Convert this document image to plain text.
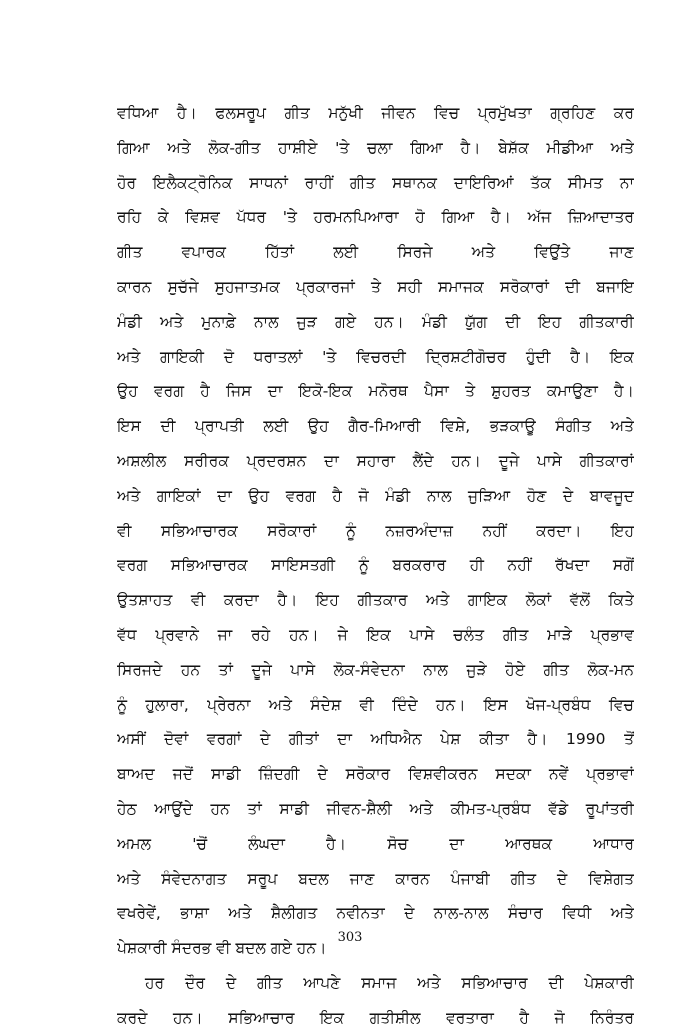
ਵਧਿਆ ਹੈ। ਫਲਸਰੂਪ ਗੀਤ ਮਨੁੱਖੀ ਜੀਵਨ ਵਿਚ ਪ੍ਰਮੁੱਖਤਾ ਗ੍ਰਹਿਣ ਕਰ
ਗਿਆ ਅਤੇ ਲੋਕ-ਗੀਤ ਹਾਸ਼ੀਏ 'ਤੇ ਚਲਾ ਗਿਆ ਹੈ। ਬੇਸ਼ੱਕ ਮੀਡੀਆ ਅਤੇ
ਹੋਰ ਇਲੈਕਟ੍ਰੋਨਿਕ ਸਾਧਨਾਂ ਰਾਹੀਂ ਗੀਤ ਸਥਾਨਕ ਦਾਇਰਿਆਂ ਤੱਕ ਸੀਮਤ ਨਾ
ਰਹਿ ਕੇ ਵਿਸ਼ਵ ਪੱਧਰ 'ਤੇ ਹਰਮਨਪਿਆਰਾ ਹੋ ਗਿਆ ਹੈ। ਅੱਜ ਜ਼ਿਆਦਾਤਰ
ਗੀਤ ਵਪਾਰਕ ਹਿੱਤਾਂ ਲਈ ਸਿਰਜੇ ਅਤੇ ਵਿਉਂਤੇ ਜਾਣ
ਕਾਰਨ ਸੁਚੱਜੇ ਸੁਹਜਾਤਮਕ ਪ੍ਰਕਾਰਜਾਂ ਤੇ ਸਹੀ ਸਮਾਜਕ ਸਰੋਕਾਰਾਂ ਦੀ ਬਜਾਇ
ਮੰਡੀ ਅਤੇ ਮੁਨਾਫ਼ੇ ਨਾਲ ਜੁੜ ਗਏ ਹਨ। ਮੰਡੀ ਯੁੱਗ ਦੀ ਇਹ ਗੀਤਕਾਰੀ
ਅਤੇ ਗਾਇਕੀ ਦੋ ਧਰਾਤਲਾਂ 'ਤੇ ਵਿਚਰਦੀ ਦ੍ਰਿਸ਼ਟੀਗੋਚਰ ਹੁੰਦੀ ਹੈ। ਇਕ
ਉਹ ਵਰਗ ਹੈ ਜਿਸ ਦਾ ਇਕੋ-ਇਕ ਮਨੋਰਥ ਪੈਸਾ ਤੇ ਸ਼ੁਹਰਤ ਕਮਾਉਣਾ ਹੈ।
ਇਸ ਦੀ ਪ੍ਰਾਪਤੀ ਲਈ ਉਹ ਗੈਰ-ਮਿਆਰੀ ਵਿਸ਼ੇ, ਭੜਕਾਊ ਸੰਗੀਤ ਅਤੇ
ਅਸ਼ਲੀਲ ਸਰੀਰਕ ਪ੍ਰਦਰਸ਼ਨ ਦਾ ਸਹਾਰਾ ਲੈਂਦੇ ਹਨ। ਦੂਜੇ ਪਾਸੇ ਗੀਤਕਾਰਾਂ
ਅਤੇ ਗਾਇਕਾਂ ਦਾ ਉਹ ਵਰਗ ਹੈ ਜੋ ਮੰਡੀ ਨਾਲ ਜੁੜਿਆ ਹੋਣ ਦੇ ਬਾਵਜੂਦ
ਵੀ ਸਭਿਆਚਾਰਕ ਸਰੋਕਾਰਾਂ ਨੂੰ ਨਜ਼ਰਅੰਦਾਜ਼ ਨਹੀਂ ਕਰਦਾ। ਇਹ
ਵਰਗ ਸਭਿਆਚਾਰਕ ਸਾਇਸਤਗੀ ਨੂੰ ਬਰਕਰਾਰ ਹੀ ਨਹੀਂ ਰੱਖਦਾ ਸਗੋਂ
ਉਤਸ਼ਾਹਤ ਵੀ ਕਰਦਾ ਹੈ। ਇਹ ਗੀਤਕਾਰ ਅਤੇ ਗਾਇਕ ਲੋਕਾਂ ਵੱਲੋਂ ਕਿਤੇ
ਵੱਧ ਪ੍ਰਵਾਨੇ ਜਾ ਰਹੇ ਹਨ। ਜੇ ਇਕ ਪਾਸੇ ਚਲੰਤ ਗੀਤ ਮਾੜੇ ਪ੍ਰਭਾਵ
ਸਿਰਜਦੇ ਹਨ ਤਾਂ ਦੂਜੇ ਪਾਸੇ ਲੋਕ-ਸੰਵੇਦਨਾ ਨਾਲ ਜੁੜੇ ਹੋਏ ਗੀਤ ਲੋਕ-ਮਨ
ਨੂੰ ਹੁਲਾਰਾ, ਪ੍ਰੇਰਨਾ ਅਤੇ ਸੰਦੇਸ਼ ਵੀ ਦਿੰਦੇ ਹਨ। ਇਸ ਖੋਜ-ਪ੍ਰਬੰਧ ਵਿਚ
ਅਸੀਂ ਦੋਵਾਂ ਵਰਗਾਂ ਦੇ ਗੀਤਾਂ ਦਾ ਅਧਿਐਨ ਪੇਸ਼ ਕੀਤਾ ਹੈ। 1990 ਤੋਂ
ਬਾਅਦ ਜਦੋਂ ਸਾਡੀ ਜ਼ਿੰਦਗੀ ਦੇ ਸਰੋਕਾਰ ਵਿਸ਼ਵੀਕਰਨ ਸਦਕਾ ਨਵੇਂ ਪ੍ਰਭਾਵਾਂ
ਹੇਠ ਆਉਂਦੇ ਹਨ ਤਾਂ ਸਾਡੀ ਜੀਵਨ-ਸ਼ੈਲੀ ਅਤੇ ਕੀਮਤ-ਪ੍ਰਬੰਧ ਵੱਡੇ ਰੂਪਾਂਤਰੀ
ਅਮਲ 'ਚੋਂ ਲੰਘਦਾ ਹੈ। ਸੋਚ ਦਾ ਆਰਥਕ ਆਧਾਰ
ਅਤੇ ਸੰਵੇਦਨਾਗਤ ਸਰੂਪ ਬਦਲ ਜਾਣ ਕਾਰਨ ਪੰਜਾਬੀ ਗੀਤ ਦੇ ਵਿਸ਼ੇਗਤ
ਵਖਰੇਵੇਂ, ਭਾਸ਼ਾ ਅਤੇ ਸ਼ੈਲੀਗਤ ਨਵੀਨਤਾ ਦੇ ਨਾਲ-ਨਾਲ ਸੰਚਾਰ ਵਿਧੀ ਅਤੇ
ਪੇਸ਼ਕਾਰੀ ਸੰਦਰਭ ਵੀ ਬਦਲ ਗਏ ਹਨ।
ਹਰ ਦੌਰ ਦੇ ਗੀਤ ਆਪਣੇ ਸਮਾਜ ਅਤੇ ਸਭਿਆਚਾਰ ਦੀ ਪੇਸ਼ਕਾਰੀ
ਕਰਦੇ ਹਨ। ਸਭਿਆਚਾਰ ਇਕ ਗਤੀਸ਼ੀਲ ਵਰਤਾਰਾ ਹੈ ਜੋ ਨਿਰੰਤਰ
303
